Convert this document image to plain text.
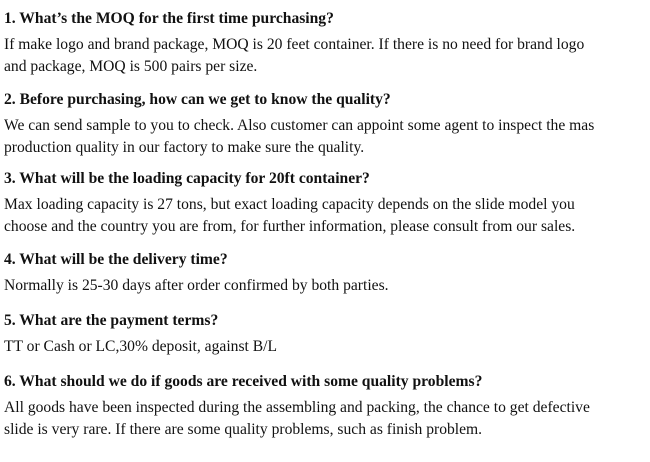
1. What’s the MOQ for the first time purchasing?

If make logo and brand package, MOQ is 20 feet container. If there is no need for brand logo
and package, MOQ is 500 pairs per size.

2. Before purchasing, how can we get to know the quality?

We can send sample to you to check. Also customer can appoint some agent to inspect the mas
production quality in our factory to make sure the quality.

3. What will be the loading capacity for 20ft container?

Max loading capacity is 27 tons, but exact loading capacity depends on the slide model you
choose and the country you are from, for further information, please consult from our sales.

4. What will be the delivery time?

Normally is 25-30 days after order confirmed by both parties.

5. What are the payment terms?

TT or Cash or LC,30% deposit, against B/L

6. What should we do if goods are received with some quality problems?

All goods have been inspected during the assembling and packing, the chance to get defective
slide is very rare. If there are some quality problems, such as finish problem.
